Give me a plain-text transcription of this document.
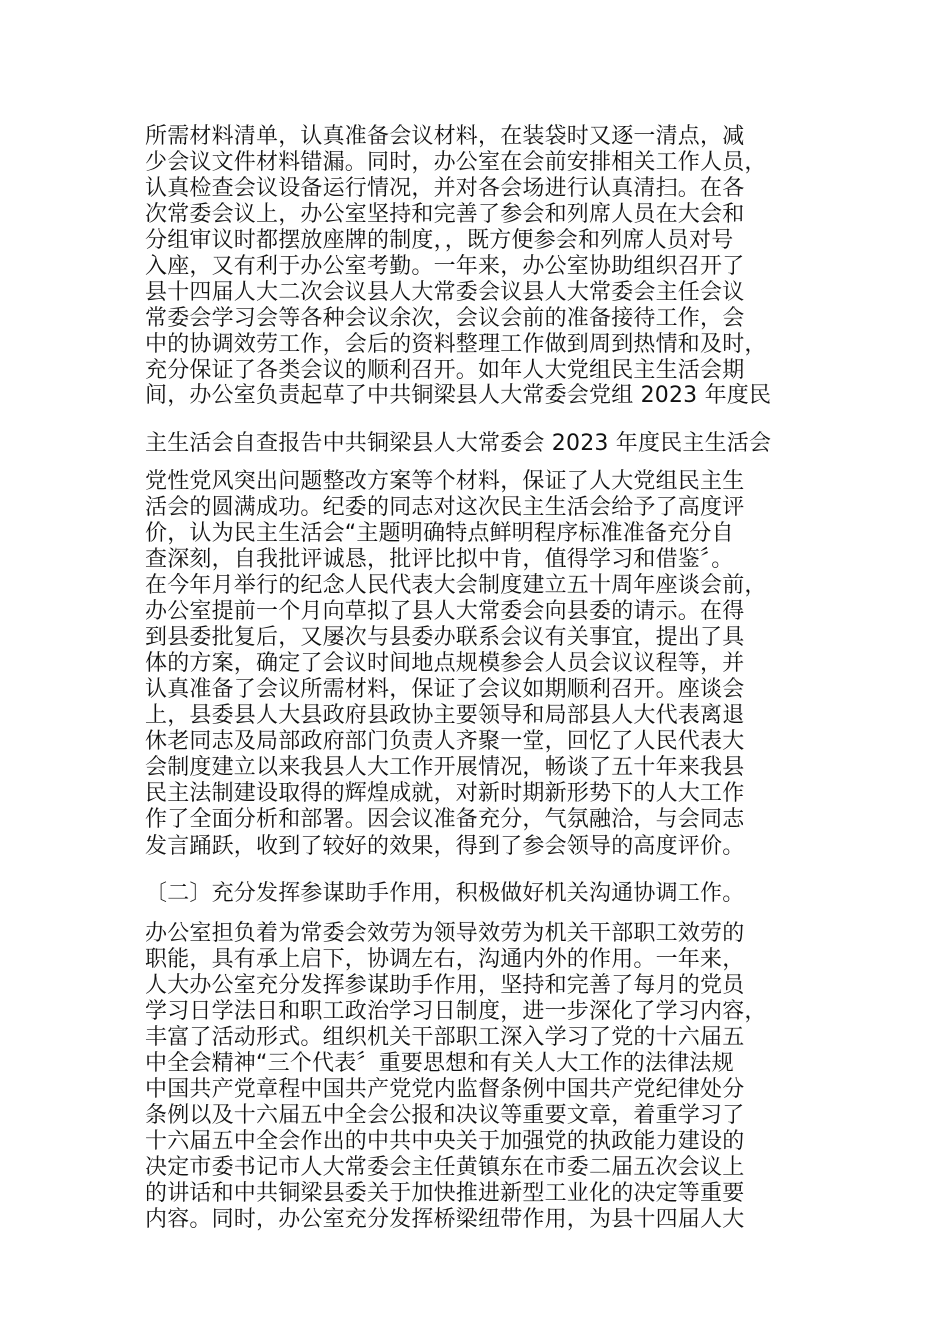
所需材料清单，认真准备会议材料，在装袋时又逐一清点，减
少会议文件材料错漏。同时，办公室在会前安排相关工作人员，
认真检查会议设备运行情况，并对各会场进行认真清扫。在各
次常委会议上，办公室坚持和完善了参会和列席人员在大会和
分组审议时都摆放座牌的制度，，既方便参会和列席人员对号
入座，又有利于办公室考勤。一年来，办公室协助组织召开了
县十四届人大二次会议县人大常委会议县人大常委会主任会议
常委会学习会等各种会议余次，会议会前的准备接待工作，会
中的协调效劳工作，会后的资料整理工作做到周到热情和及时，
充分保证了各类会议的顺利召开。如年人大党组民主生活会期
间，办公室负责起草了中共铜梁县人大常委会党组 2023 年度民
主生活会自查报告中共铜梁县人大常委会 2023 年度民主生活会
党性党风突出问题整改方案等个材料，保证了人大党组民主生
活会的圆满成功。纪委的同志对这次民主生活会给予了高度评
价，认为民主生活会“主题明确特点鲜明程序标准准备充分自
查深刻，自我批评诚恳，批评比拟中肯，值得学习和借鉴〞。
在今年月举行的纪念人民代表大会制度建立五十周年座谈会前，
办公室提前一个月向草拟了县人大常委会向县委的请示。在得
到县委批复后，又屡次与县委办联系会议有关事宜，提出了具
体的方案，确定了会议时间地点规模参会人员会议议程等，并
认真准备了会议所需材料，保证了会议如期顺利召开。座谈会
上，县委县人大县政府县政协主要领导和局部县人大代表离退
休老同志及局部政府部门负责人齐聚一堂，回忆了人民代表大
会制度建立以来我县人大工作开展情况，畅谈了五十年来我县
民主法制建设取得的辉煌成就，对新时期新形势下的人大工作
作了全面分析和部署。因会议准备充分，气氛融洽，与会同志
发言踊跃，收到了较好的效果，得到了参会领导的高度评价。
〔二〕充分发挥参谋助手作用，积极做好机关沟通协调工作。
办公室担负着为常委会效劳为领导效劳为机关干部职工效劳的
职能，具有承上启下，协调左右，沟通内外的作用。一年来，
人大办公室充分发挥参谋助手作用，坚持和完善了每月的党员
学习日学法日和职工政治学习日制度，进一步深化了学习内容，
丰富了活动形式。组织机关干部职工深入学习了党的十六届五
中全会精神“三个代表〞重要思想和有关人大工作的法律法规
中国共产党章程中国共产党党内监督条例中国共产党纪律处分
条例以及十六届五中全会公报和决议等重要文章，着重学习了
十六届五中全会作出的中共中央关于加强党的执政能力建设的
决定市委书记市人大常委会主任黄镇东在市委二届五次会议上
的讲话和中共铜梁县委关于加快推进新型工业化的决定等重要
内容。同时，办公室充分发挥桥梁纽带作用，为县十四届人大
